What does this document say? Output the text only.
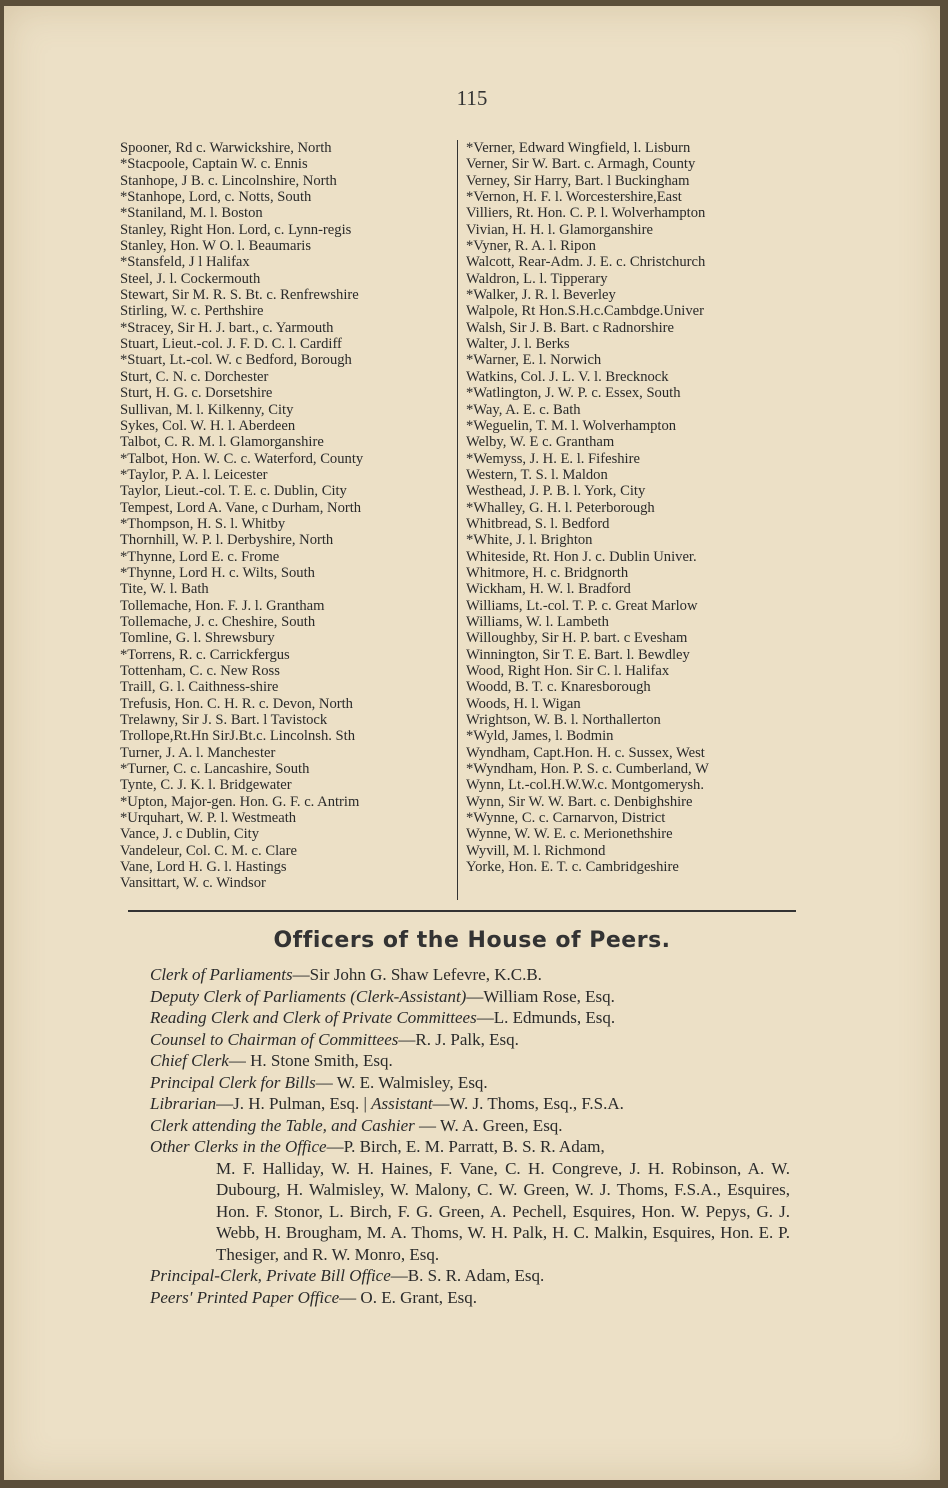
115
Spooner, Rd c. Warwickshire, North
*Stacpoole, Captain W. c. Ennis
Stanhope, J B. c. Lincolnshire, North
*Stanhope, Lord, c. Notts, South
*Staniland, M. l. Boston
Stanley, Right Hon. Lord, c. Lynn-regis
Stanley, Hon. W O. l. Beaumaris
*Stansfeld, J l Halifax
Steel, J. l. Cockermouth
Stewart, Sir M. R. S. Bt. c. Renfrewshire
Stirling, W. c. Perthshire
*Stracey, Sir H. J. bart., c. Yarmouth
Stuart, Lieut.-col. J. F. D. C. l. Cardiff
*Stuart, Lt.-col. W. c Bedford, Borough
Sturt, C. N. c. Dorchester
Sturt, H. G. c. Dorsetshire
Sullivan, M. l. Kilkenny, City
Sykes, Col. W. H. l. Aberdeen
Talbot, C. R. M. l. Glamorganshire
*Talbot, Hon. W. C. c. Waterford, County
*Taylor, P. A. l. Leicester
Taylor, Lieut.-col. T. E. c. Dublin, City
Tempest, Lord A. Vane, c Durham, North
*Thompson, H. S. l. Whitby
Thornhill, W. P. l. Derbyshire, North
*Thynne, Lord E. c. Frome
*Thynne, Lord H. c. Wilts, South
Tite, W. l. Bath
Tollemache, Hon. F. J. l. Grantham
Tollemache, J. c. Cheshire, South
Tomline, G. l. Shrewsbury
*Torrens, R. c. Carrickfergus
Tottenham, C. c. New Ross
Traill, G. l. Caithness-shire
Trefusis, Hon. C. H. R. c. Devon, North
Trelawny, Sir J. S. Bart. l Tavistock
Trollope,Rt.Hn SirJ.Bt.c. Lincolnsh. Sth
Turner, J. A. l. Manchester
*Turner, C. c. Lancashire, South
Tynte, C. J. K. l. Bridgewater
*Upton, Major-gen. Hon. G. F. c. Antrim
*Urquhart, W. P. l. Westmeath
Vance, J. c Dublin, City
Vandeleur, Col. C. M. c. Clare
Vane, Lord H. G. l. Hastings
Vansittart, W. c. Windsor
*Verner, Edward Wingfield, l. Lisburn
Verner, Sir W. Bart. c. Armagh, County
Verney, Sir Harry, Bart. l Buckingham
*Vernon, H. F. l. Worcestershire,East
Villiers, Rt. Hon. C. P. l. Wolverhampton
Vivian, H. H. l. Glamorganshire
*Vyner, R. A. l. Ripon
Walcott, Rear-Adm. J. E. c. Christchurch
Waldron, L. l. Tipperary
*Walker, J. R. l. Beverley
Walpole, Rt Hon.S.H.c.Cambdge.Univer
Walsh, Sir J. B. Bart. c Radnorshire
Walter, J. l. Berks
*Warner, E. l. Norwich
Watkins, Col. J. L. V. l. Brecknock
*Watlington, J. W. P. c. Essex, South
*Way, A. E. c. Bath
*Weguelin, T. M. l. Wolverhampton
Welby, W. E c. Grantham
*Wemyss, J. H. E. l. Fifeshire
Western, T. S. l. Maldon
Westhead, J. P. B. l. York, City
*Whalley, G. H. l. Peterborough
Whitbread, S. l. Bedford
*White, J. l. Brighton
Whiteside, Rt. Hon J. c. Dublin Univer.
Whitmore, H. c. Bridgnorth
Wickham, H. W. l. Bradford
Williams, Lt.-col. T. P. c. Great Marlow
Williams, W. l. Lambeth
Willoughby, Sir H. P. bart. c Evesham
Winnington, Sir T. E. Bart. l. Bewdley
Wood, Right Hon. Sir C. l. Halifax
Woodd, B. T. c. Knaresborough
Woods, H. l. Wigan
Wrightson, W. B. l. Northallerton
*Wyld, James, l. Bodmin
Wyndham, Capt.Hon. H. c. Sussex, West
*Wyndham, Hon. P. S. c. Cumberland, W
Wynn, Lt.-col.H.W.W.c. Montgomerysh.
Wynn, Sir W. W. Bart. c. Denbighshire
*Wynne, C. c. Carnarvon, District
Wynne, W. W. E. c. Merionethshire
Wyvill, M. l. Richmond
Yorke, Hon. E. T. c. Cambridgeshire
Officers of the House of Peers.
Clerk of Parliaments—Sir John G. Shaw Lefevre, K.C.B.
Deputy Clerk of Parliaments (Clerk-Assistant)—William Rose, Esq.
Reading Clerk and Clerk of Private Committees—L. Edmunds, Esq.
Counsel to Chairman of Committees—R. J. Palk, Esq.
Chief Clerk— H. Stone Smith, Esq.
Principal Clerk for Bills— W. E. Walmisley, Esq.
Librarian—J. H. Pulman, Esq. | Assistant—W. J. Thoms, Esq., F.S.A.
Clerk attending the Table, and Cashier — W. A. Green, Esq.
Other Clerks in the Office—P. Birch, E. M. Parratt, B. S. R. Adam,
M. F. Halliday, W. H. Haines, F. Vane, C. H. Congreve, J. H. Robinson, A. W. Dubourg, H. Walmisley, W. Malony, C. W. Green, W. J. Thoms, F.S.A., Esquires, Hon. F. Stonor, L. Birch, F. G. Green, A. Pechell, Esquires, Hon. W. Pepys, G. J. Webb, H. Brougham, M. A. Thoms, W. H. Palk, H. C. Malkin, Esquires, Hon. E. P. Thesiger, and R. W. Monro, Esq.
Principal-Clerk, Private Bill Office—B. S. R. Adam, Esq.
Peers' Printed Paper Office— O. E. Grant, Esq.
